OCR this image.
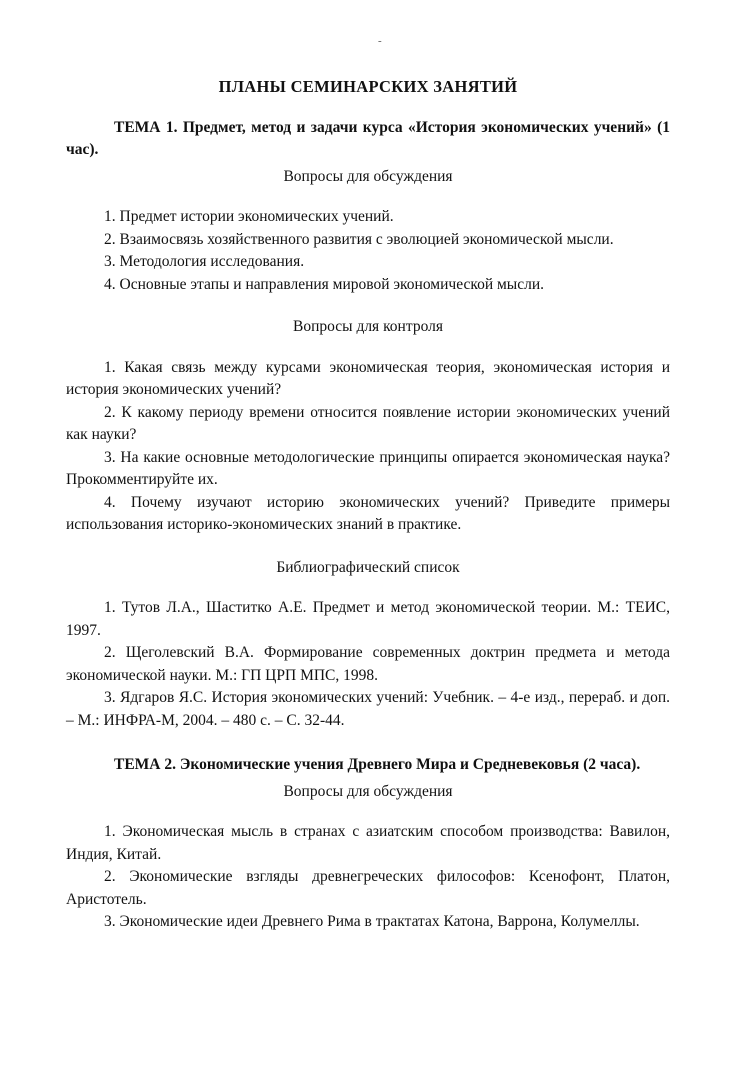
-
ПЛАНЫ СЕМИНАРСКИХ ЗАНЯТИЙ

ТЕМА 1. Предмет, метод и задачи курса «История экономических учений» (1 час).

Вопросы для обсуждения
1. Предмет истории экономических учений.
2. Взаимосвязь хозяйственного развития с эволюцией экономической мысли.
3. Методология исследования.
4. Основные этапы и направления мировой экономической мысли.
Вопросы для контроля
1. Какая связь между курсами экономическая теория, экономическая история и история экономических учений?
2. К какому периоду времени относится появление истории экономических учений как науки?
3. На какие основные методологические принципы опирается экономическая наука? Прокомментируйте их.
4. Почему изучают историю экономических учений? Приведите примеры использования историко-экономических знаний в практике.
Библиографический список
1. Тутов Л.А., Шаститко А.Е. Предмет и метод экономической теории. М.: ТЕИС, 1997.
2. Щеголевский В.А. Формирование современных доктрин предмета и метода экономической науки. М.: ГП ЦРП МПС, 1998.
3. Ядгаров Я.С. История экономических учений: Учебник. – 4-е изд., перераб. и доп. – М.: ИНФРА-М, 2004. – 480 с. – С. 32-44.

ТЕМА 2. Экономические учения Древнего Мира и Средневековья (2 часа).

Вопросы для обсуждения
1. Экономическая мысль в странах с азиатским способом производства: Вавилон, Индия, Китай.
2. Экономические взгляды древнегреческих философов: Ксенофонт, Платон, Аристотель.
3. Экономические идеи Древнего Рима в трактатах Катона, Варрона, Колумеллы.
